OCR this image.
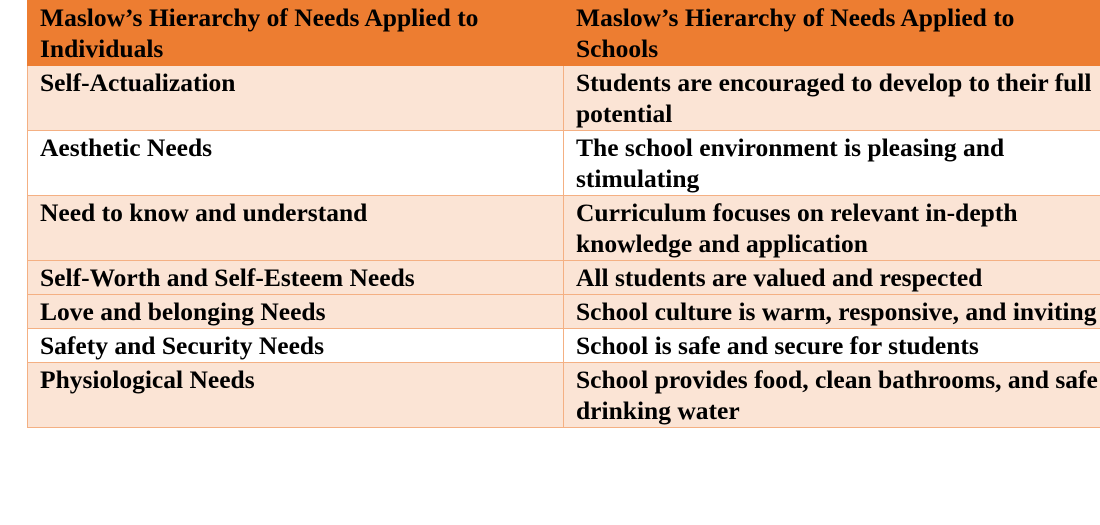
Maslow’s Hierarchy of Needs Applied to Individuals	Maslow’s Hierarchy of Needs Applied to Schools
Self-Actualization	Students are encouraged to develop to their full potential
Aesthetic Needs	The school environment is pleasing and stimulating
Need to know and understand	Curriculum focuses on relevant in-depth knowledge and application
Self-Worth and Self-Esteem Needs	All students are valued and respected
Love and belonging Needs	School culture is warm, responsive, and inviting
Safety and Security Needs	School is safe and secure for students
Physiological Needs	School provides food, clean bathrooms, and safe drinking water
